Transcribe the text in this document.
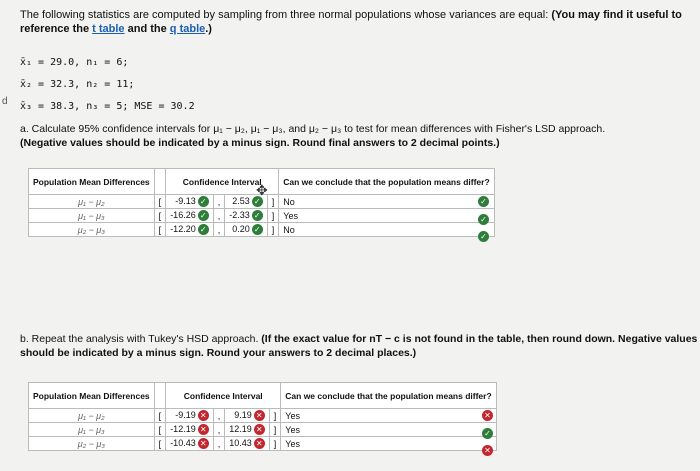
The following statistics are computed by sampling from three normal populations whose variances are equal: (You may find it useful to reference the t table and the q table.)
x̄₁ = 29.0, n₁ = 6;
x̄₂ = 32.3, n₂ = 11;
x̄₃ = 38.3, n₃ = 5; MSE = 30.2
d
a. Calculate 95% confidence intervals for μ₁ − μ₂, μ₁ − μ₃, and μ₂ − μ₃ to test for mean differences with Fisher's LSD approach.
(Negative values should be indicated by a minus sign. Round final answers to 2 decimal points.)
Population Mean Differences		Confidence Interval				Can we conclude that the population means differ?
μ₁ − μ₂	[	-9.13 ✓	,	2.53 ✓	]	No
μ₁ − μ₃	[	-16.26 ✓	,	-2.33 ✓	]	Yes
μ₂ − μ₃	[	-12.20 ✓	,	0.20 ✓	]	No
✓
✓
✓
✥
b. Repeat the analysis with Tukey's HSD approach. (If the exact value for nT − c is not found in the table, then round down. Negative values should be indicated by a minus sign. Round your answers to 2 decimal places.)
Population Mean Differences		Confidence Interval				Can we conclude that the population means differ?
μ₁ − μ₂	[	-9.19 ✕	,	9.19 ✕	]	Yes
μ₁ − μ₃	[	-12.19 ✕	,	12.19 ✕	]	Yes
μ₂ − μ₃	[	-10.43 ✕	,	10.43 ✕	]	Yes
✕
✓
✕
